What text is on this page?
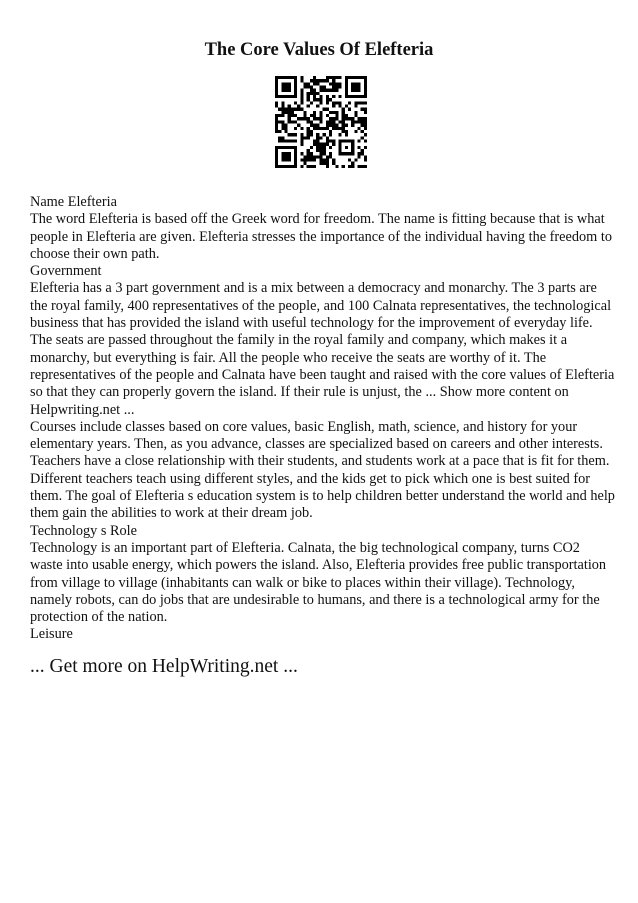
The Core Values Of Elefteria

Name Elefteria

The word Elefteria is based off the Greek word for freedom. The name is fitting because that is what people in Elefteria are given. Elefteria stresses the importance of the individual having the freedom to choose their own path.

Government

Elefteria has a 3 part government and is a mix between a democracy and monarchy. The 3 parts are the royal family, 400 representatives of the people, and 100 Calnata representatives, the technological business that has provided the island with useful technology for the improvement of everyday life. The seats are passed throughout the family in the royal family and company, which makes it a monarchy, but everything is fair. All the people who receive the seats are worthy of it. The representatives of the people and Calnata have been taught and raised with the core values of Elefteria so that they can properly govern the island. If their rule is unjust, the ... Show more content on Helpwriting.net ...

Courses include classes based on core values, basic English, math, science, and history for your elementary years. Then, as you advance, classes are specialized based on careers and other interests. Teachers have a close relationship with their students, and students work at a pace that is fit for them. Different teachers teach using different styles, and the kids get to pick which one is best suited for them. The goal of Elefteria s education system is to help children better understand the world and help them gain the abilities to work at their dream job.

Technology s Role

Technology is an important part of Elefteria. Calnata, the big technological company, turns CO2 waste into usable energy, which powers the island. Also, Elefteria provides free public transportation from village to village (inhabitants can walk or bike to places within their village). Technology, namely robots, can do jobs that are undesirable to humans, and there is a technological army for the protection of the nation.

Leisure

... Get more on HelpWriting.net ...
